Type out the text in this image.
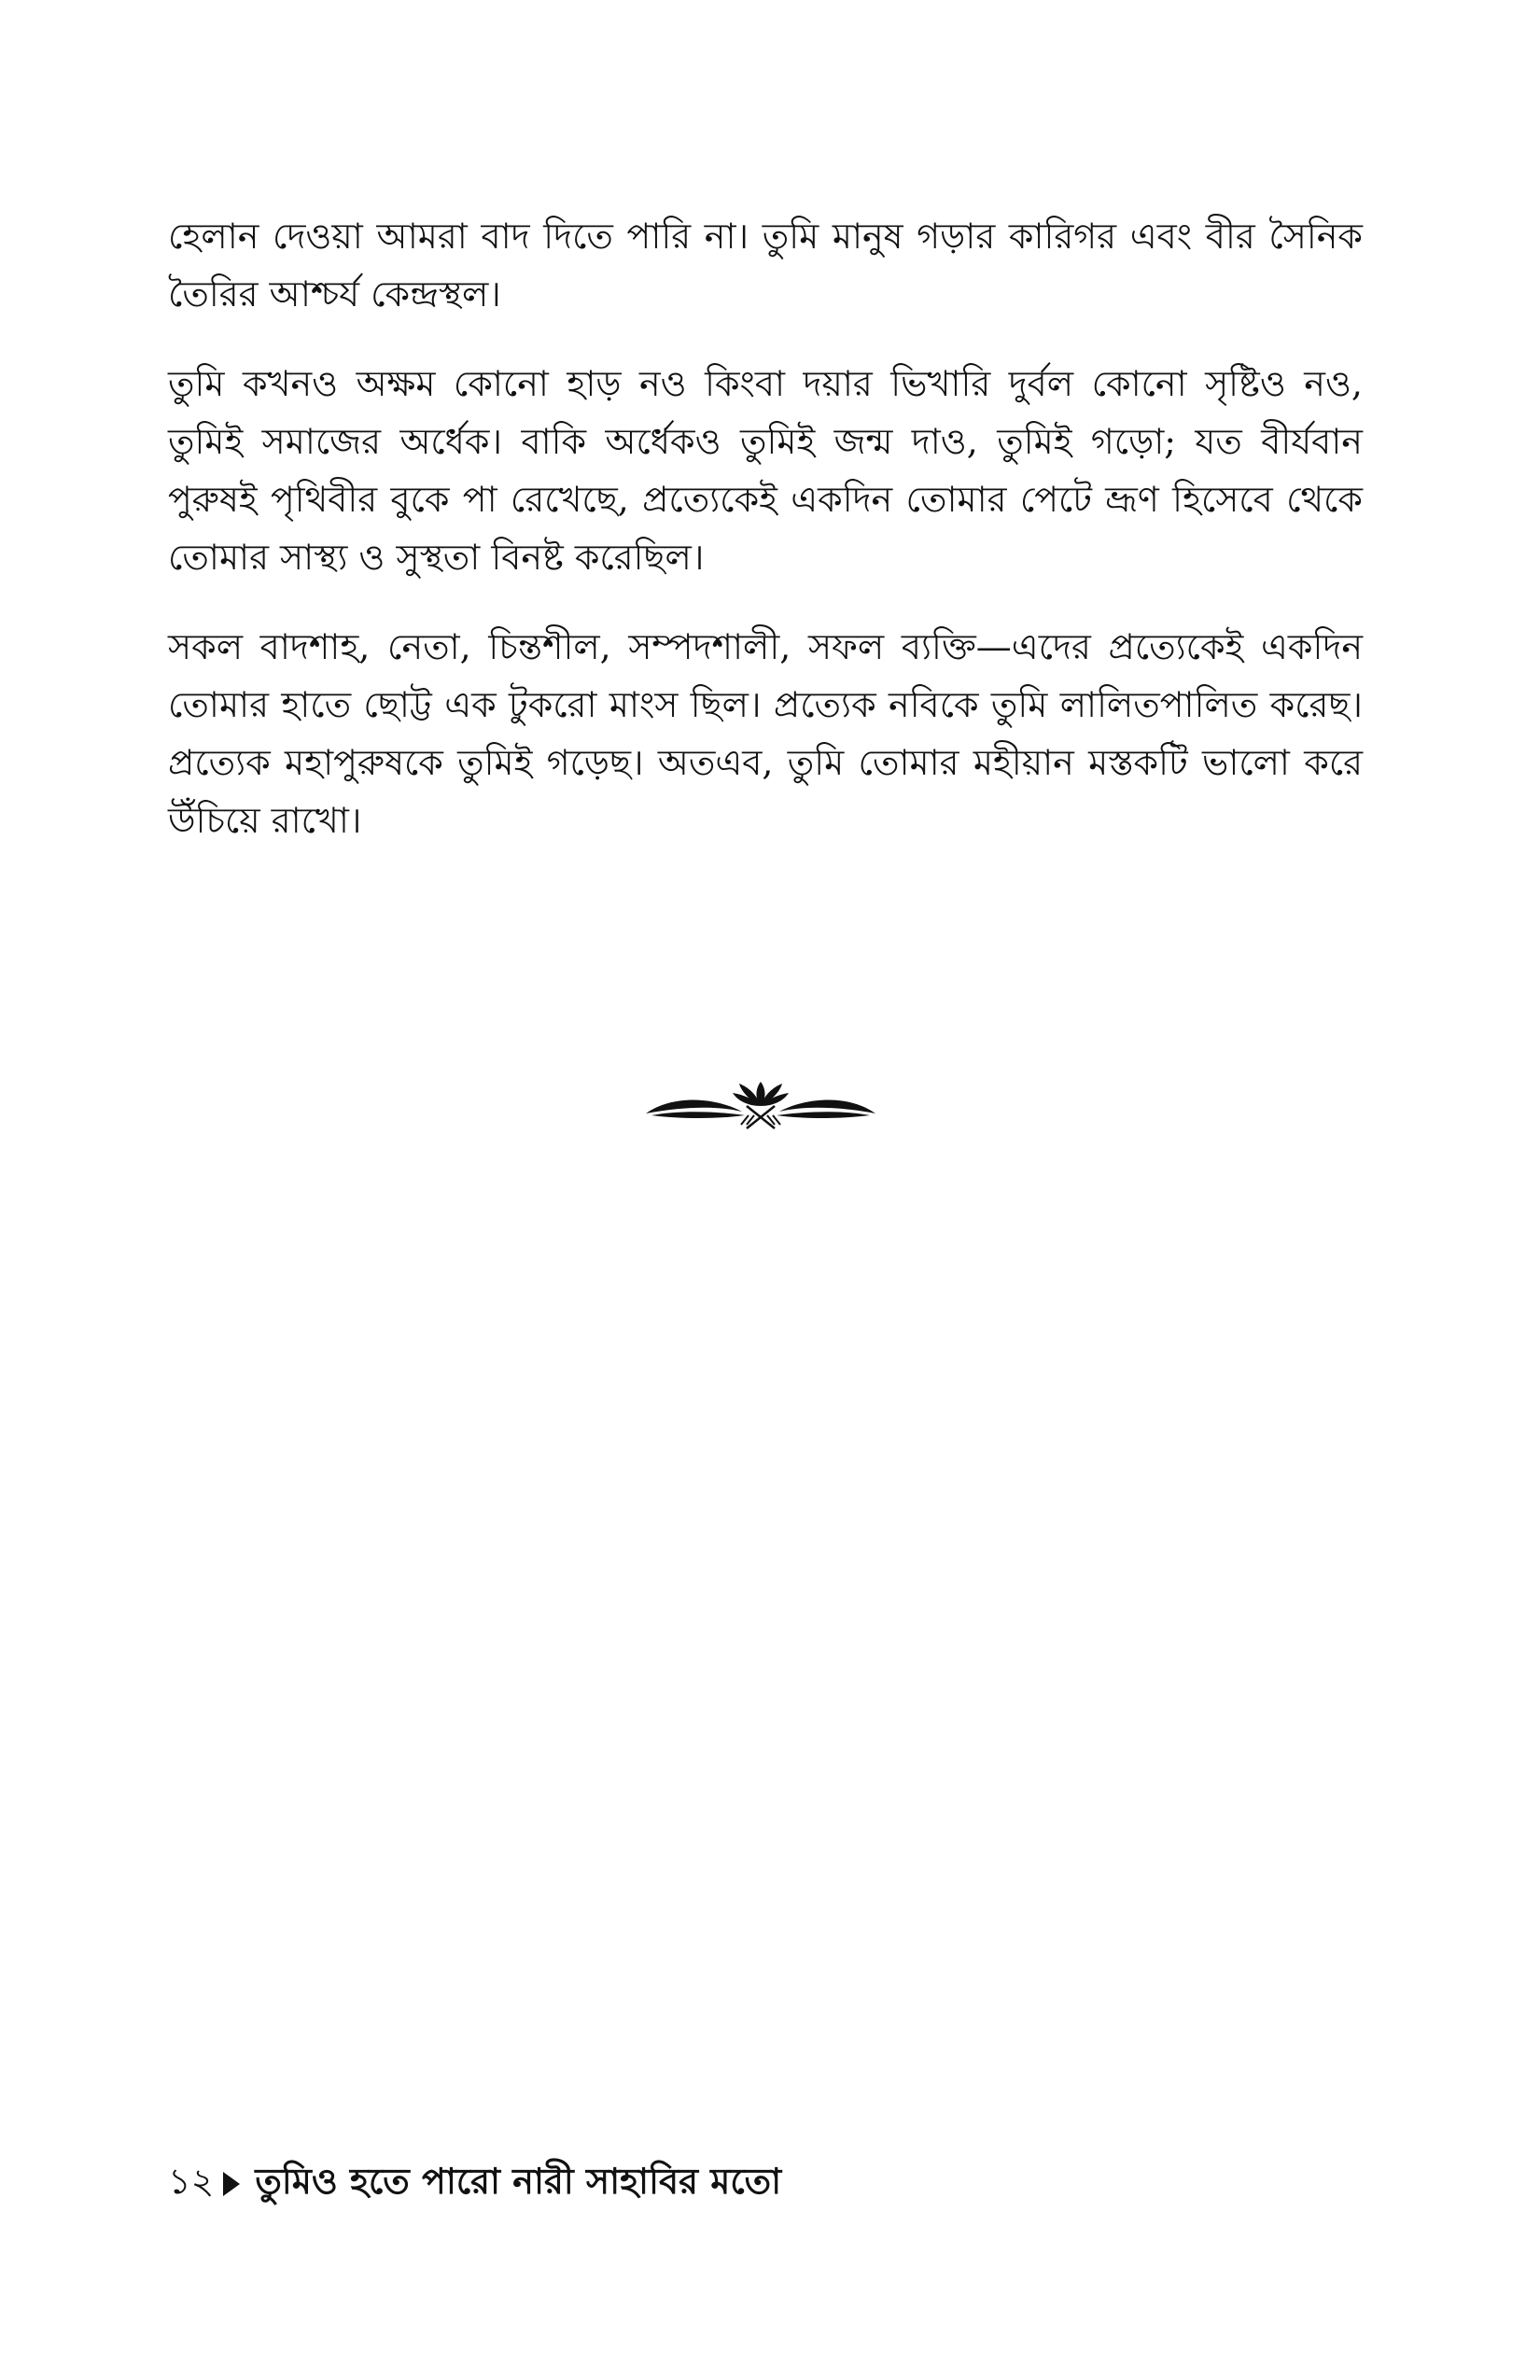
হেলান দেওয়া আমরা বাদ দিতে পারি না। তুমি মানুষ গড়ার কারিগর এবং বীর সৈনিক তৈরির আশ্চর্য কেন্দ্রস্থল।

তুমি কখনও অক্ষম কোনো হাড় নও কিংবা দয়ার ভিখারি দুর্বল কোনো সৃষ্টিও নও, তুমিই সমাজের অর্ধেক। বাকি অর্ধেকও তুমিই জন্ম দাও, তুমিই গড়ো; যত বীর্যবান পুরুষই পৃথিবীর বুকে পা রেখেছে, প্রত্যেকেই একদিন তোমার পেটে ভ্রূণ হিসেবে থেকে তোমার সাস্থ্য ও সুস্থতা বিনষ্ট করেছিল।

সকল বাদশাহ, নেতা, চিন্তশীল, সম্পদশালী, সফল ব্যক্তি—এদের প্রত্যেকেই একদিন তোমার হাতে ছোট্ট এক টুকরো মাংস ছিল। প্রত্যেক নবিকে তুমি লালিতপালিত করেছ। প্রত্যেক মহাপুরুষকে তুমিই গড়েছ। অতএব, তুমি তোমার মহীয়ান মস্তকটি ভালো করে উঁচিয়ে রাখো।

১২ তুমিও হতে পারো নারী সাহাবির মতো
